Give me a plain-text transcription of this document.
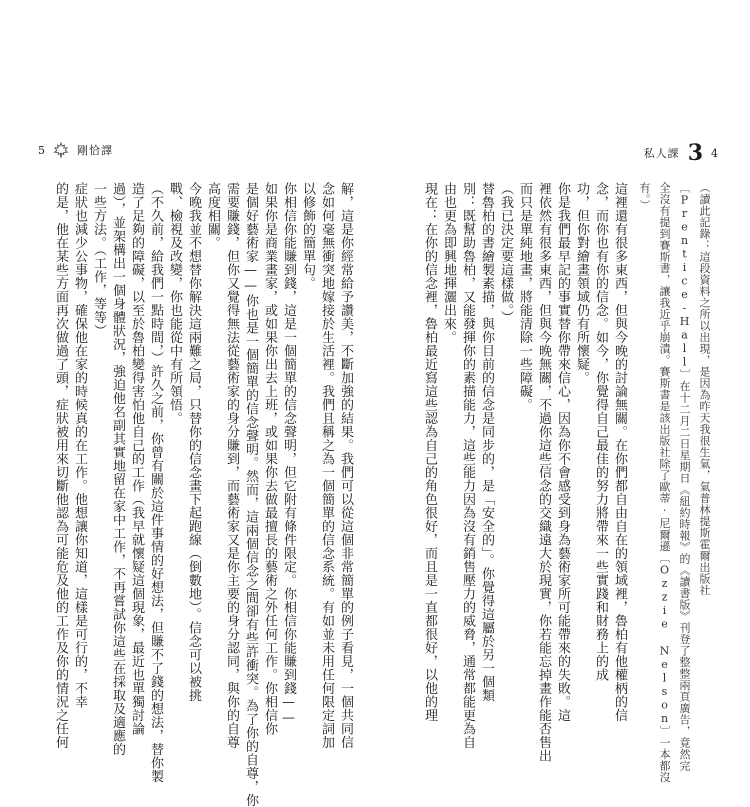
5	剛恰譯	私人課 3 4
解，這是你經常給予讚美，不斷加強的結果。我們可以從這個非常簡單的例子看見，一個共同信
念如何毫無衝突地嫁接於生活裡。我們且稱之為一個簡單的信念系統。有如並未用任何限定詞加
以修飾的簡單句。
你相信你能賺到錢，這是一個簡單的信念聲明，但它附有條件限定。你相信你能賺到錢——
如果你是商業畫家，或如果你出去上班，或如果你去做最擅長的藝術之外任何工作。你相信你
是個好藝術家——你也是一個簡單的信念聲明。然而，這兩個信念之間卻有些許衝突。為了你的自尊，你
需要賺錢，但你又覺得無法從藝術家的身分賺到，而藝術家又是你主要的身分認同，與你的自尊
高度相關。
今晚我並不想替你解決這兩難之局，只替你的信念畫下起跑線（倒數地）。信念可以被挑
戰、檢視及改變，你也能從中有所領悟。
（不久前，給我們一點時間，）許久之前，你曾有關於這件事情的好想法，但賺不了錢的想法，替你製
造了足夠的障礙，以至於魯柏變得害怕他自己的工作（我早就懷疑這個現象，最近也單獨討論
過），並架構出一個身體狀況，強迫他名副其實地留在家中工作，不再嘗試你這些在採取及適應的
一些方法。（工作，等等）
症狀也減少公事物，確保他在家的時候真的在工作。他想讓你知道，這樣是可行的，不幸
的是，他在某些方面再次做過了頭，症狀被用來切斷他認為可能危及他的工作及你的情況之任何	（讀此記錄：這段資料之所以出現，是因為昨天我很生氣，氣普林提斯霍爾出版社
〔Prentice-Hall〕在十二月二日星期日《紐約時報》的《讀書版》刊登了整整兩頁廣告，竟然完
全沒有提到賽斯書，讓我近乎崩潰。賽斯書是該出版社除了歐蒂·尼爾遜〔Ozzie Nelson〕一本都沒
有。）
這裡還有很多東西，但與今晚的討論無關。在你們都自由自在的領域裡，魯柏有他權柄的信
念，而你也有你的信念。如今，你覺得自己最佳的努力將帶來一些實踐和財務上的成
功，但你對繪畫領域仍有所懷疑。
你是我們最早記的事實替你帶來信心，因為你不會感受到身為藝術家所可能帶來的失敗。這
裡依然有很多東西，但與今晚無關，不過你這些信念的交織遠大於現實，你若能忘掉畫作能否售出
而只是單純地畫，將能清除一些障礙。
（我已決定要這樣做。）
替魯柏的書繪製素描，與你目前的信念是同步的，是「安全的」。你覺得這屬於另一個類
別：既幫助魯柏，又能發揮你的素描能力，這些能力因為沒有銷售壓力的威脅，通常都能更為自
由也更為即興地揮灑出來。
現在：在你的信念裡，魯柏最近寫這些認為自己的角色很好，而且是一直都很好，以他的理
